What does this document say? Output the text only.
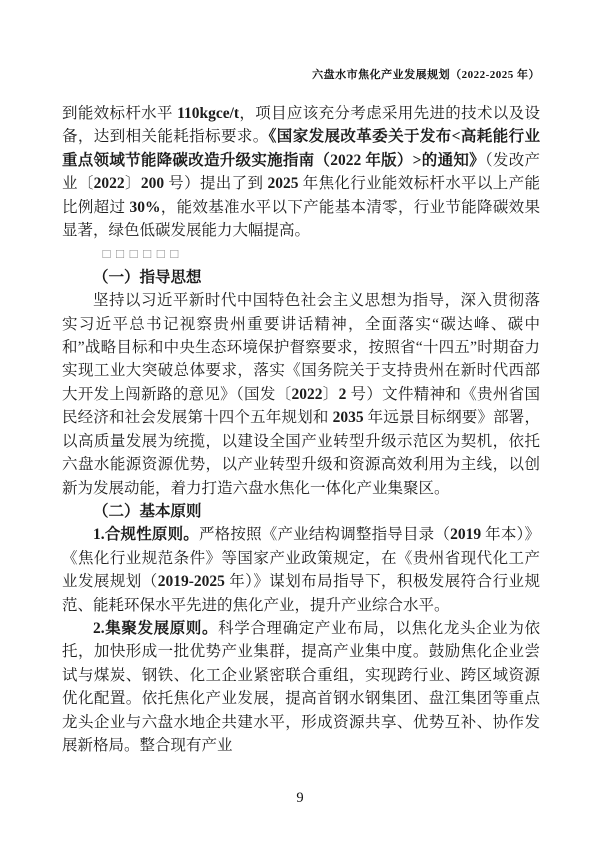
六盘水市焦化产业发展规划（2022-2025 年）

到能效标杆水平 110kgce/t，项目应该充分考虑采用先进的技术以及设备，达到相关能耗指标要求。《国家发展改革委关于发布<高耗能行业重点领域节能降碳改造升级实施指南（2022 年版）>的通知》（发改产业〔2022〕200 号）提出了到 2025 年焦化行业能效标杆水平以上产能比例超过 30%，能效基准水平以下产能基本清零，行业节能降碳效果显著，绿色低碳发展能力大幅提高。

□□□□□□

（一）指导思想

坚持以习近平新时代中国特色社会主义思想为指导，深入贯彻落实习近平总书记视察贵州重要讲话精神，全面落实“碳达峰、碳中和”战略目标和中央生态环境保护督察要求，按照省“十四五”时期奋力实现工业大突破总体要求，落实《国务院关于支持贵州在新时代西部大开发上闯新路的意见》（国发〔2022〕2 号）文件精神和《贵州省国民经济和社会发展第十四个五年规划和 2035 年远景目标纲要》部署，以高质量发展为统揽，以建设全国产业转型升级示范区为契机，依托六盘水能源资源优势，以产业转型升级和资源高效利用为主线，以创新为发展动能，着力打造六盘水焦化一体化产业集聚区。

（二）基本原则

1.合规性原则。严格按照《产业结构调整指导目录（2019 年本）》《焦化行业规范条件》等国家产业政策规定，在《贵州省现代化工产业发展规划（2019-2025 年）》谋划布局指导下，积极发展符合行业规范、能耗环保水平先进的焦化产业，提升产业综合水平。

2.集聚发展原则。科学合理确定产业布局，以焦化龙头企业为依托，加快形成一批优势产业集群，提高产业集中度。鼓励焦化企业尝试与煤炭、钢铁、化工企业紧密联合重组，实现跨行业、跨区域资源优化配置。依托焦化产业发展，提高首钢水钢集团、盘江集团等重点龙头企业与六盘水地企共建水平，形成资源共享、优势互补、协作发展新格局。整合现有产业

9
